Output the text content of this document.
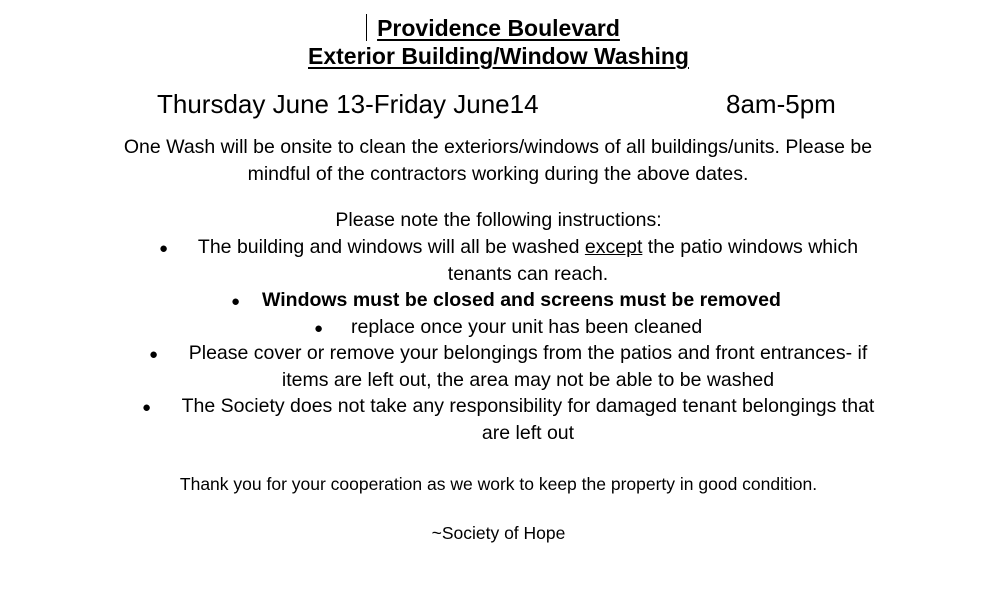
Providence Boulevard
Exterior Building/Window Washing
Thursday June 13-Friday June14	8am-5pm
One Wash will be onsite to clean the exteriors/windows of all buildings/units. Please be
mindful of the contractors working during the above dates.
Please note the following instructions:
●	The building and windows will all be washed except the patio windows which
tenants can reach.
● Windows must be closed and screens must be removed
● replace once your unit has been cleaned
●	Please cover or remove your belongings from the patios and front entrances- if
items are left out, the area may not be able to be washed
●	The Society does not take any responsibility for damaged tenant belongings that
are left out
Thank you for your cooperation as we work to keep the property in good condition.
~Society of Hope
